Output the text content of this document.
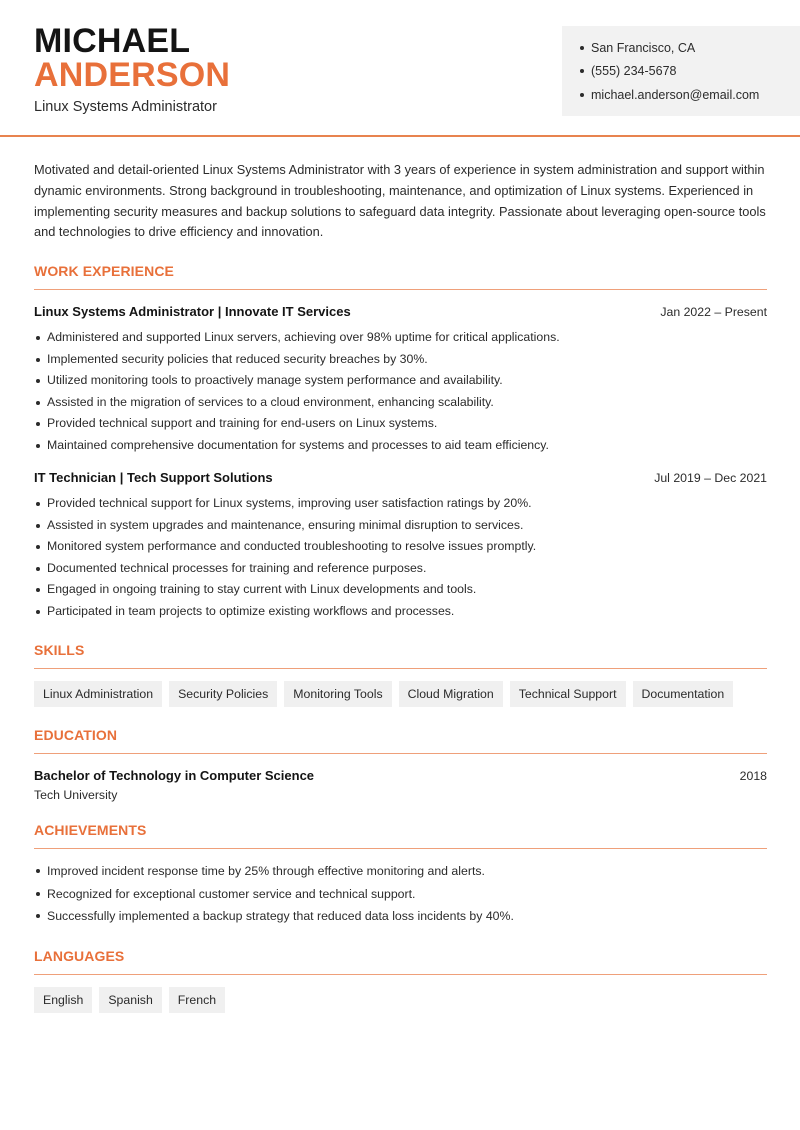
MICHAEL
ANDERSON
Linux Systems Administrator
San Francisco, CA
(555) 234-5678
michael.anderson@email.com

Motivated and detail-oriented Linux Systems Administrator with 3 years of experience in system administration and support within dynamic environments. Strong background in troubleshooting, maintenance, and optimization of Linux systems. Experienced in implementing security measures and backup solutions to safeguard data integrity. Passionate about leveraging open-source tools and technologies to drive efficiency and innovation.

WORK EXPERIENCE
Linux Systems Administrator | Innovate IT Services	Jan 2022 – Present
Administered and supported Linux servers, achieving over 98% uptime for critical applications.
Implemented security policies that reduced security breaches by 30%.
Utilized monitoring tools to proactively manage system performance and availability.
Assisted in the migration of services to a cloud environment, enhancing scalability.
Provided technical support and training for end-users on Linux systems.
Maintained comprehensive documentation for systems and processes to aid team efficiency.
IT Technician | Tech Support Solutions	Jul 2019 – Dec 2021
Provided technical support for Linux systems, improving user satisfaction ratings by 20%.
Assisted in system upgrades and maintenance, ensuring minimal disruption to services.
Monitored system performance and conducted troubleshooting to resolve issues promptly.
Documented technical processes for training and reference purposes.
Engaged in ongoing training to stay current with Linux developments and tools.
Participated in team projects to optimize existing workflows and processes.
SKILLS
Linux Administration	Security Policies	Monitoring Tools	Cloud Migration	Technical Support	Documentation
EDUCATION
Bachelor of Technology in Computer Science	2018
Tech University
ACHIEVEMENTS
Improved incident response time by 25% through effective monitoring and alerts.
Recognized for exceptional customer service and technical support.
Successfully implemented a backup strategy that reduced data loss incidents by 40%.
LANGUAGES
English	Spanish	French
